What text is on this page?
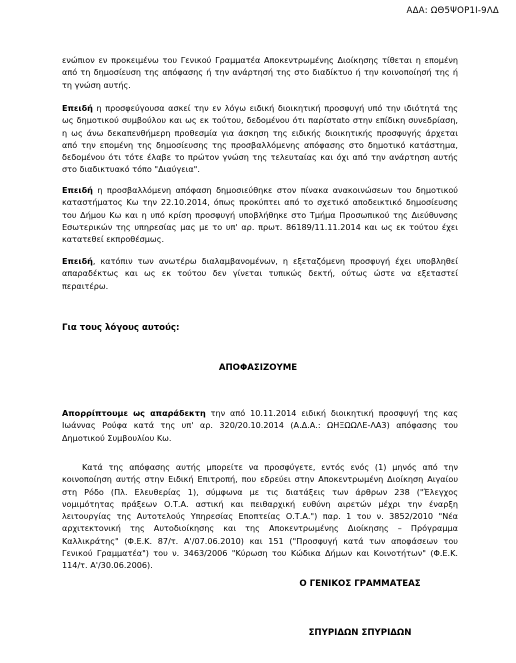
ΑΔΑ: ΩΘ5ΨΟΡ1Ι-9ΛΔ

ενώπιον εν προκειμένω του Γενικού Γραμματέα Αποκεντρωμένης Διοίκησης τίθεται η επομένη από τη δημοσίευση της απόφασης ή την ανάρτησή της στο διαδίκτυο ή την κοινοποίησή της ή τη γνώση αυτής.

Επειδή η προσφεύγουσα ασκεί την εν λόγω ειδική διοικητική προσφυγή υπό την ιδιότητά της ως δημοτικού συμβούλου και ως εκ τούτου, δεδομένου ότι παρίσταto στην επίδικη συνεδρίαση, η ως άνω δεκαπενθήμερη προθεσμία για άσκηση της ειδικής διοικητικής προσφυγής άρχεται από την επομένη της δημοσίευσης της προσβαλλόμενης απόφασης στο δημοτικό κατάστημα, δεδομένου ότι τότε έλαβε το πρώτον γνώση της τελευταίας και όχι από την ανάρτηση αυτής στο διαδικτυακό τόπο "Διαύγεια".

Επειδή η προσβαλλόμενη απόφαση δημοσιεύθηκε στον πίνακα ανακοινώσεων του δημοτικού καταστήματος Κω την 22.10.2014, όπως προκύπτει από το σχετικό αποδεικτικό δημοσίευσης του Δήμου Κω και η υπό κρίση προσφυγή υποβλήθηκε στο Τμήμα Προσωπικού της Διεύθυνσης Εσωτερικών της υπηρεσίας μας με το υπ' αρ. πρωτ. 86189/11.11.2014 και ως εκ τούτου έχει κατατεθεί εκπροθέσμως.

Επειδή, κατόπιν των ανωτέρω διαλαμβανομένων, η εξεταζόμενη προσφυγή έχει υποβληθεί απαραδέκτως και ως εκ τούτου δεν γίνεται τυπικώς δεκτή, ούτως ώστε να εξεταστεί περαιτέρω.

Για τους λόγους αυτούς:

ΑΠΟΦΑΣΙΖΟΥΜΕ

Απορρίπτουμε ως απαράδεκτη την από 10.11.2014 ειδική διοικητική προσφυγή της κας Ιωάννας Ρούφα κατά της υπ' αρ. 320/20.10.2014 (Α.Δ.Α.: ΩΗΞΩΩΛΕ-ΛΑ3) απόφασης του Δημοτικού Συμβουλίου Κω.

Κατά της απόφασης αυτής μπορείτε να προσφύγετε, εντός ενός (1) μηνός από την κοινοποίηση αυτής στην Ειδική Επιτροπή, που εδρεύει στην Αποκεντρωμένη Διοίκηση Αιγαίου στη Ρόδο (Πλ. Ελευθερίας 1), σύμφωνα με τις διατάξεις των άρθρων 238 ("Έλεγχος νομιμότητας πράξεων Ο.Τ.Α. αστική και πειθαρχική ευθύνη αιρετών μέχρι την έναρξη λειτουργίας της Αυτοτελούς Υπηρεσίας Εποπτείας Ο.Τ.Α.") παρ. 1 του ν. 3852/2010 "Νέα αρχιτεκτονική της Αυτοδιοίκησης και της Αποκεντρωμένης Διοίκησης – Πρόγραμμα Καλλικράτης" (Φ.Ε.Κ. 87/τ. Α'/07.06.2010) και 151 ("Προσφυγή κατά των αποφάσεων του Γενικού Γραμματέα") του ν. 3463/2006 "Κύρωση του Κώδικα Δήμων και Κοινοτήτων" (Φ.Ε.Κ. 114/τ. Α'/30.06.2006).

Ο ΓΕΝΙΚΟΣ ΓΡΑΜΜΑΤΕΑΣ

ΣΠΥΡΙΔΩΝ ΣΠΥΡΙΔΩΝ
